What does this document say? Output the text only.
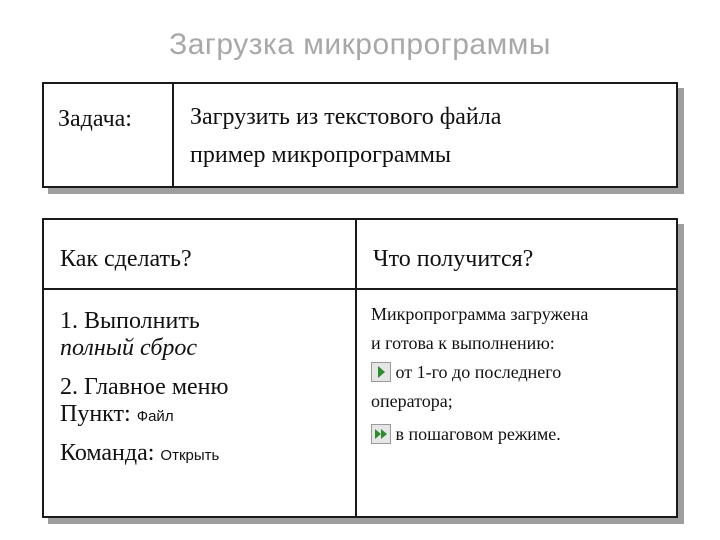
Загрузка микропрограммы
Задача:	Загрузить из текстового файла
пример микропрограммы
Как сделать?	Что получится?

1. Выполнить

полный сброс

2. Главное меню

Пункт: Файл

Команда: Открыть

Микропрограмма загружена

и готова к выполнению:

от 1-го до последнего

оператора;

в пошаговом режиме.
